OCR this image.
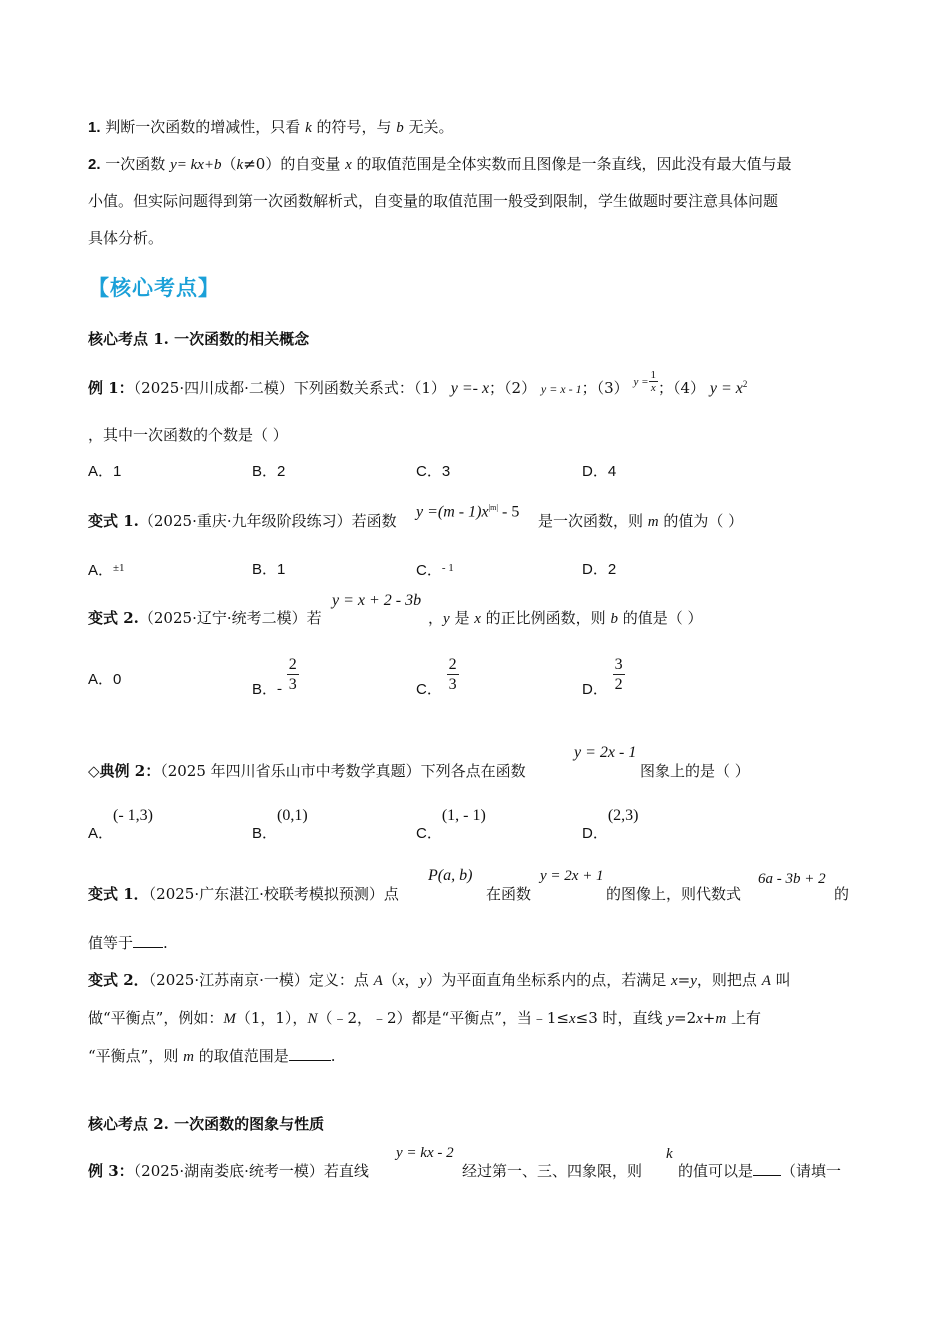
1. 判断一次函数的增减性，只看 k 的符号，与 b 无关。
2. 一次函数 y= kx+b（k≠0）的自变量 x 的取值范围是全体实数而且图像是一条直线，因此没有最大值与最
小值。但实际问题得到第一次函数解析式，自变量的取值范围一般受到限制，学生做题时要注意具体问题
具体分析。
【核心考点】
核心考点 1. 一次函数的相关概念
例 1：（2025·四川成都·二模）下列函数关系式：（1） y =- x；（2） y = x - 1；（3） $y = \frac{1}{x}$ ；（4） $y = x^2$
，其中一次函数的个数是（ ）
A．1	B．2	C．3	D．4
变式 1.（2025·重庆·九年级阶段练习）若函数
$y =(m - 1)x^{|m|} - 5$
是一次函数，则 m 的值为（ ）
A．$^{\pm 1}$	B．1	C．$^{- 1}$	D．2
变式 2.（2025·辽宁·统考二模）若
y = x + 2 - 3b
，y 是 x 的正比例函数，则 b 的值是（ ）
A．0
B．- $\frac{2}{3}$	C． $\frac{2}{3}$	D． $\frac{3}{2}$
y = 2x - 1
◇典例 2：（2025 年四川省乐山市中考数学真题）下列各点在函数	图象上的是（ ）
A．(- 1,3)
B．(0,1)
C．(1, - 1)
D．(2,3)
变式 1．（2025·广东湛江·校联考模拟预测）点
P(a, b)
在函数
y = 2x + 1
的图像上，则代数式
6a - 3b + 2
的
值等于 .
变式 2．（2025·江苏南京·一模）定义：点 A（x，y）为平面直角坐标系内的点，若满足 x=y，则把点 A 叫
做“平衡点”，例如：M（1，1），N（﹣2，﹣2）都是“平衡点”，当﹣1≤x≤3 时，直线 y=2x+m 上有
“平衡点”，则 m 的取值范围是	.
核心考点 2. 一次函数的图象与性质
y = kx - 2
例 3：（2025·湖南娄底·统考一模）若直线	经过第一、三、四象限，则
k
的值可以是 （请填一
